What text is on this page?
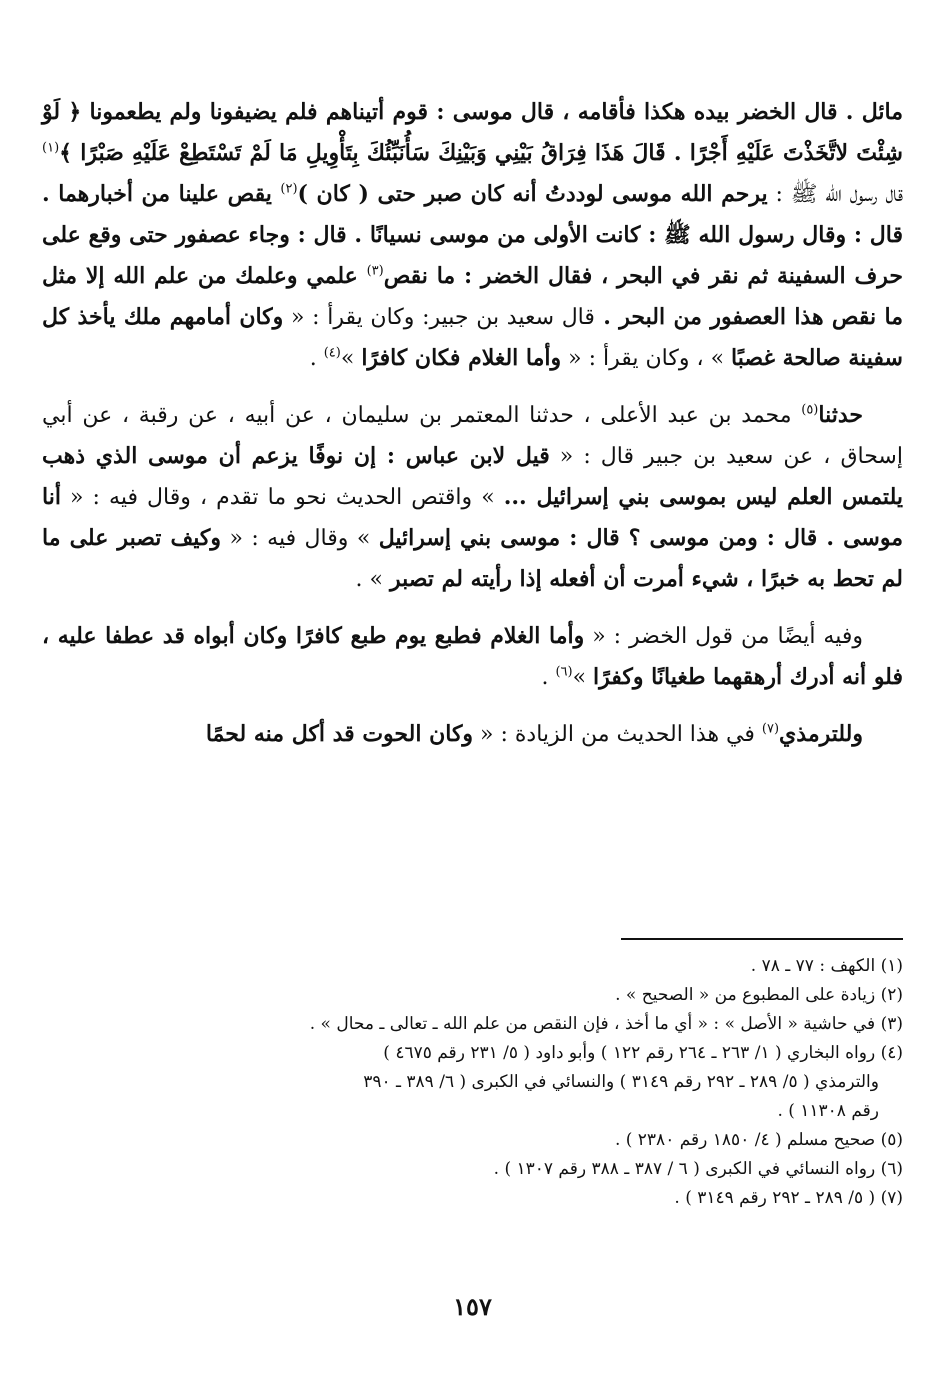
مائل . قال الخضر بيده هكذا فأقامه ، قال موسى : قوم أتيناهم فلم يضيفونا ولم يطعمونا ﴿ لَوْ شِئْتَ لاتَّخَذْتَ عَلَيْهِ أَجْرًا . قَالَ هَذَا فِرَاقُ بَيْنِي وَبَيْنِكَ سَأُنَبِّئُكَ بِتَأْوِيلِ مَا لَمْ تَسْتَطِعْ عَلَيْهِ صَبْرًا ﴾$^{(١)}$ قال رسول الله ﷺ : يرحم الله موسى لوددتُ أنه كان صبر حتى ( كان )$^{(٢)}$ يقص علينا من أخبارهما . قال : وقال رسول الله ﷺ : كانت الأولى من موسى نسيانًا . قال : وجاء عصفور حتى وقع على حرف السفينة ثم نقر في البحر ، فقال الخضر : ما نقص$^{(٣)}$ علمي وعلمك من علم الله إلا مثل ما نقص هذا العصفور من البحر . قال سعيد بن جبير: وكان يقرأ : « وكان أمامهم ملك يأخذ كل سفينة صالحة غصبًا » ، وكان يقرأ : « وأما الغلام فكان كافرًا »$^{(٤)}$ .

حدثنا$^{(٥)}$ محمد بن عبد الأعلى ، حدثنا المعتمر بن سليمان ، عن أبيه ، عن رقبة ، عن أبي إسحاق ، عن سعيد بن جبير قال : « قيل لابن عباس : إن نوفًا يزعم أن موسى الذي ذهب يلتمس العلم ليس بموسى بني إسرائيل ... » واقتص الحديث نحو ما تقدم ، وقال فيه : « أنا موسى . قال : ومن موسى ؟ قال : موسى بني إسرائيل » وقال فيه : « وكيف تصبر على ما لم تحط به خبرًا ، شيء أمرت أن أفعله إذا رأيته لم تصبر » .

وفيه أيضًا من قول الخضر : « وأما الغلام فطبع يوم طبع كافرًا وكان أبواه قد عطفا عليه ، فلو أنه أدرك أرهقهما طغيانًا وكفرًا »$^{(٦)}$ .

وللترمذي$^{(٧)}$ في هذا الحديث من الزيادة : « وكان الحوت قد أكل منه لحمًا

(١) الكهف : ٧٧ ـ ٧٨ .

(٢) زيادة على المطبوع من « الصحيح » .

(٣) في حاشية « الأصل » : « أي ما أخذ ، فإن النقص من علم الله ـ تعالى ـ محال » .

(٤) رواه البخاري ( ١/ ٢٦٣ ـ ٢٦٤ رقم ١٢٢ ) وأبو داود ( ٥/ ٢٣١ رقم ٤٦٧٥ )

والترمذي ( ٥/ ٢٨٩ ـ ٢٩٢ رقم ٣١٤٩ ) والنسائي في الكبرى ( ٦/ ٣٨٩ ـ ٣٩٠

رقم ١١٣٠٨ ) .

(٥) صحيح مسلم ( ٤/ ١٨٥٠ رقم ٢٣٨٠ ) .

(٦) رواه النسائي في الكبرى ( ٦ / ٣٨٧ ـ ٣٨٨ رقم ١٣٠٧ ) .

(٧) ( ٥/ ٢٨٩ ـ ٢٩٢ رقم ٣١٤٩ ) .

١٥٧
